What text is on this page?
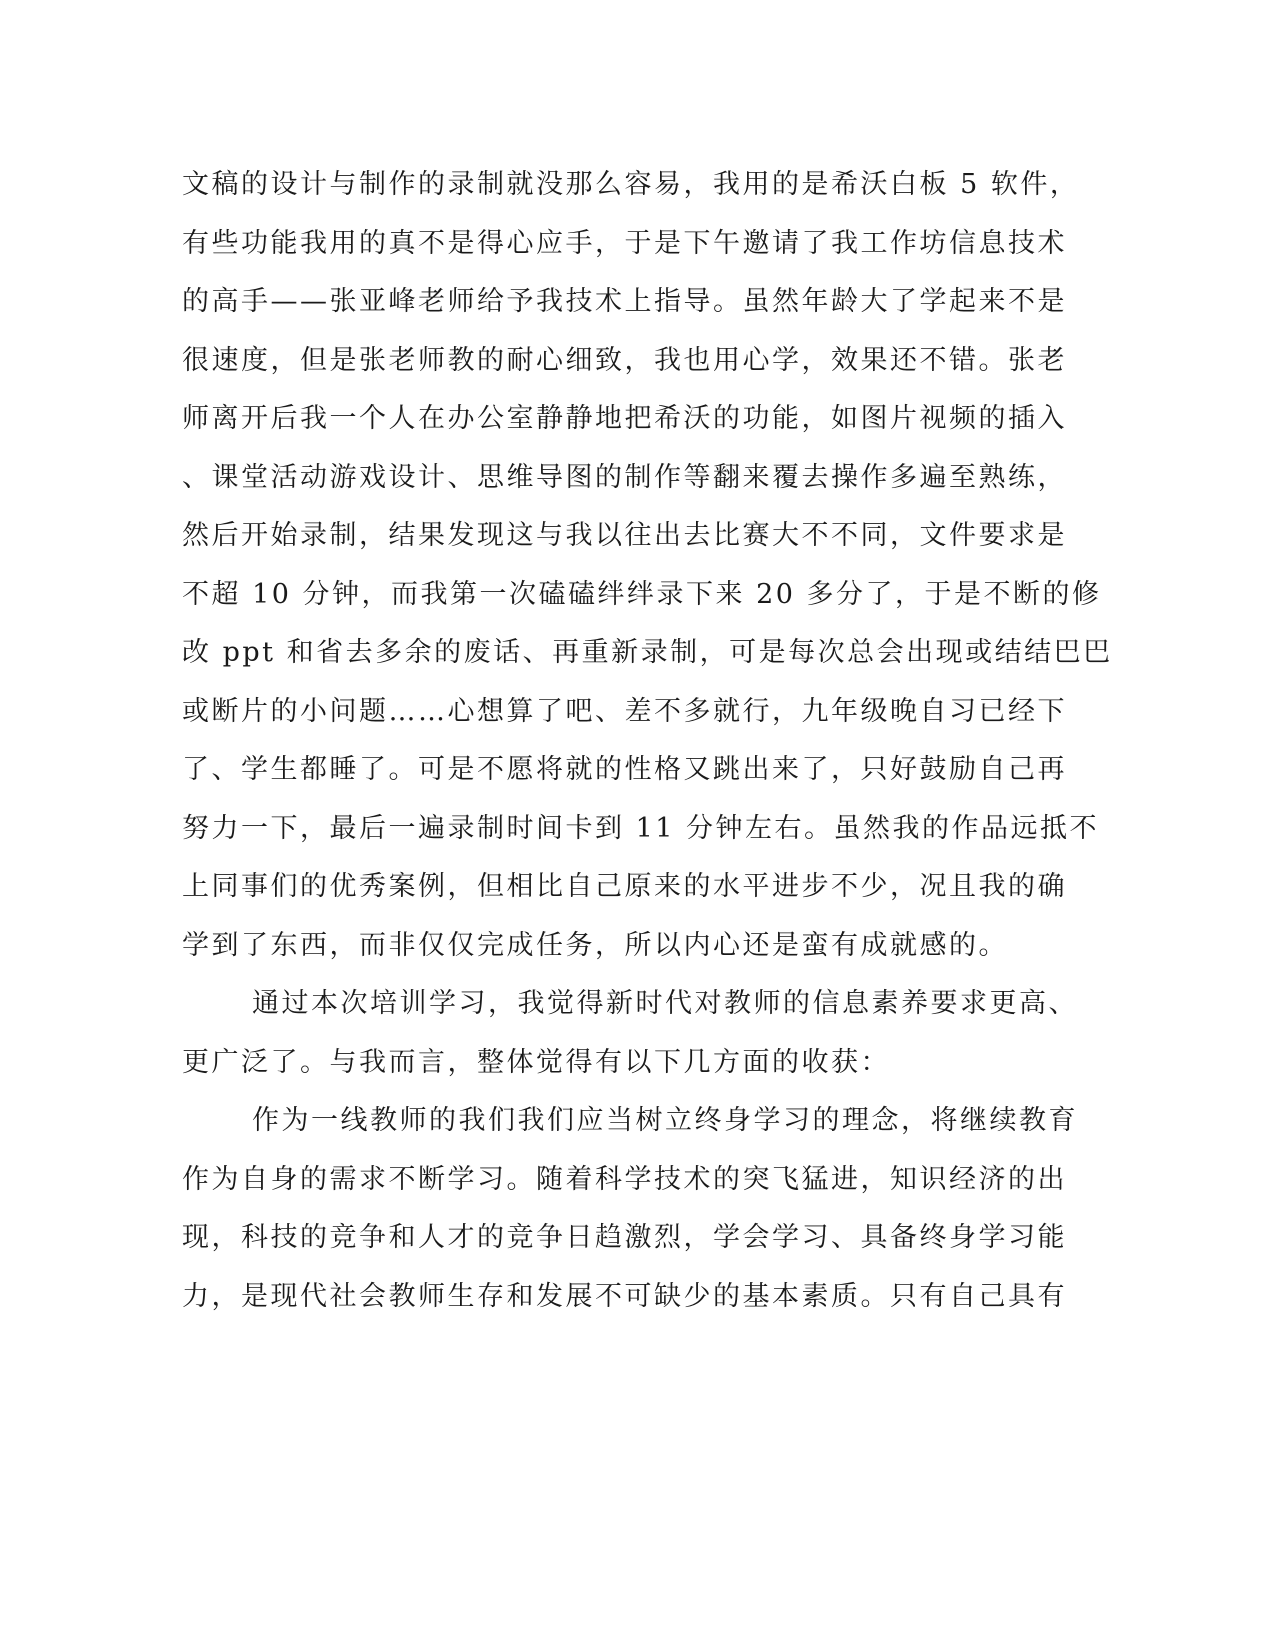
文稿的设计与制作的录制就没那么容易，我用的是希沃白板 5 软件，
有些功能我用的真不是得心应手，于是下午邀请了我工作坊信息技术
的高手——张亚峰老师给予我技术上指导。虽然年龄大了学起来不是
很速度，但是张老师教的耐心细致，我也用心学，效果还不错。张老
师离开后我一个人在办公室静静地把希沃的功能，如图片视频的插入
、课堂活动游戏设计、思维导图的制作等翻来覆去操作多遍至熟练，
然后开始录制，结果发现这与我以往出去比赛大不不同，文件要求是
不超 10 分钟，而我第一次磕磕绊绊录下来 20 多分了，于是不断的修
改 ppt 和省去多余的废话、再重新录制，可是每次总会出现或结结巴巴
或断片的小问题……心想算了吧、差不多就行，九年级晚自习已经下
了、学生都睡了。可是不愿将就的性格又跳出来了，只好鼓励自己再
努力一下，最后一遍录制时间卡到 11 分钟左右。虽然我的作品远抵不
上同事们的优秀案例，但相比自己原来的水平进步不少，况且我的确
学到了东西，而非仅仅完成任务，所以内心还是蛮有成就感的。
通过本次培训学习，我觉得新时代对教师的信息素养要求更高、
更广泛了。与我而言，整体觉得有以下几方面的收获：
作为一线教师的我们我们应当树立终身学习的理念，将继续教育
作为自身的需求不断学习。随着科学技术的突飞猛进，知识经济的出
现，科技的竞争和人才的竞争日趋激烈，学会学习、具备终身学习能
力，是现代社会教师生存和发展不可缺少的基本素质。只有自己具有
